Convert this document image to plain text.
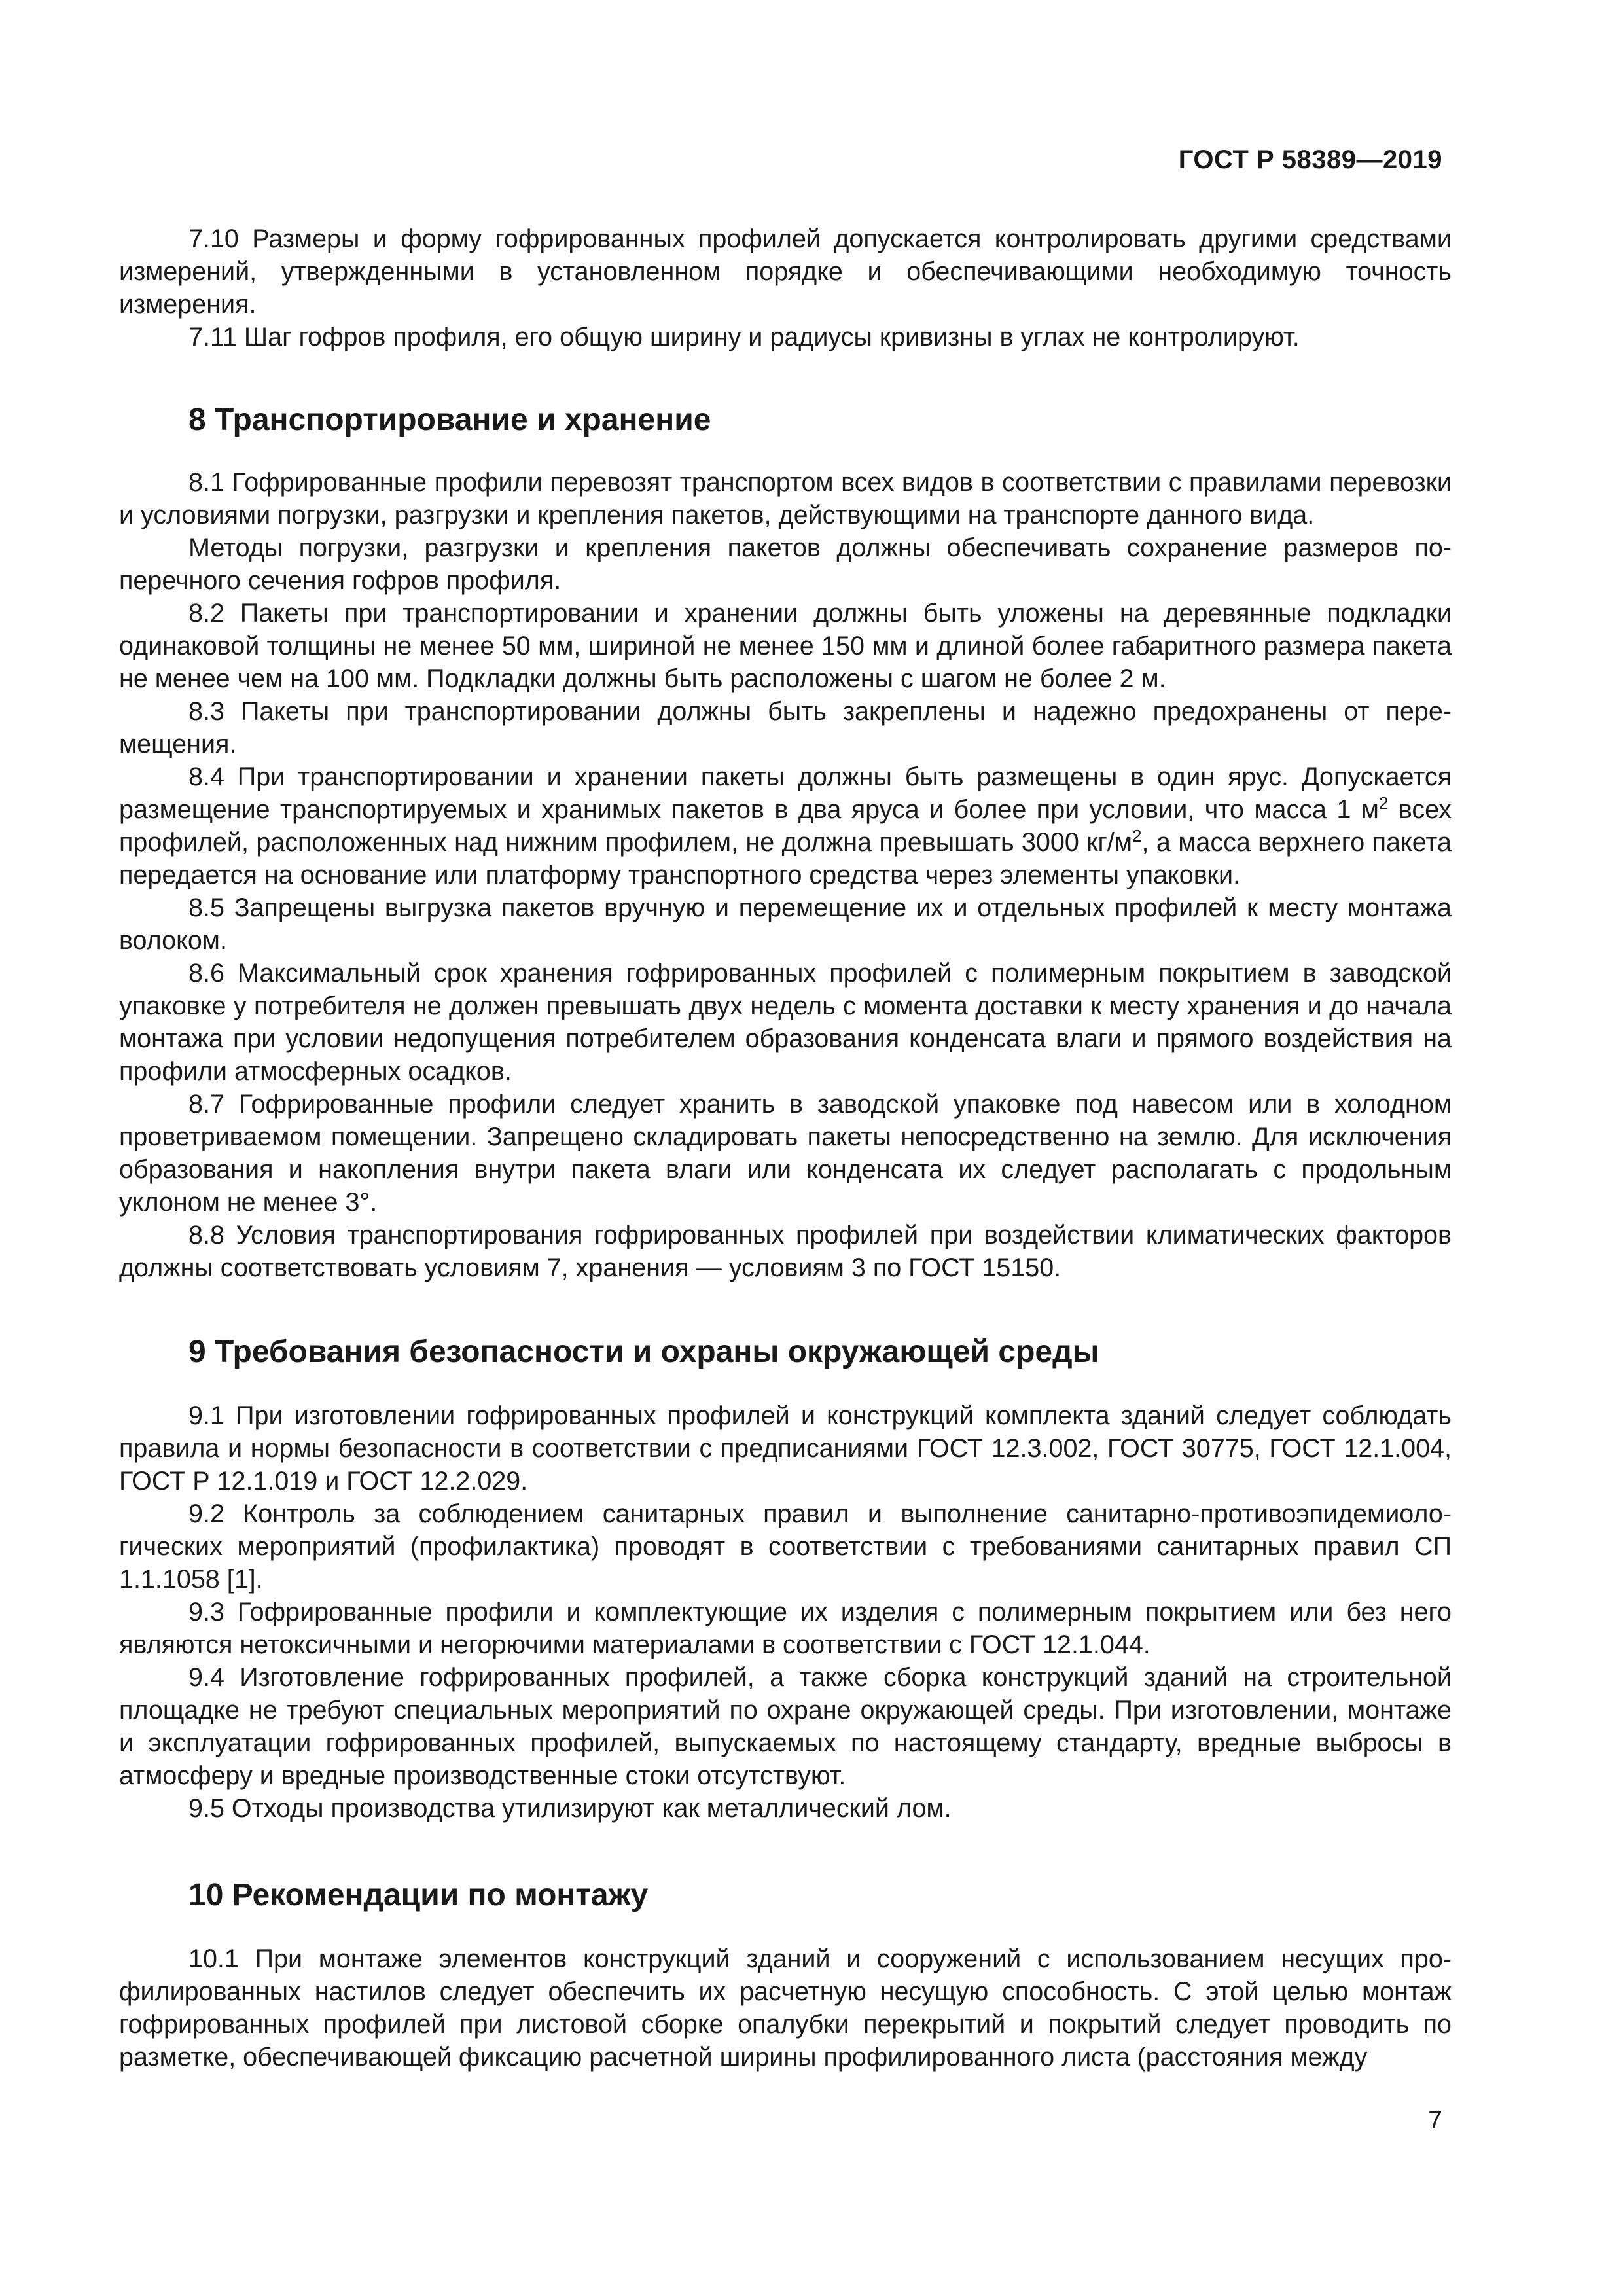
ГОСТ Р 58389—2019

7.10 Размеры и форму гофрированных профилей допускается контролировать другими средствами измерений, утвержденными в установленном порядке и обеспечивающими необходимую точность измерения.

7.11 Шаг гофров профиля, его общую ширину и радиусы кривизны в углах не контролируют.

8 Транспортирование и хранение

8.1 Гофрированные профили перевозят транспортом всех видов в соответствии с правилами перевозки и условиями погрузки, разгрузки и крепления пакетов, действующими на транспорте данного вида.

Методы погрузки, разгрузки и крепления пакетов должны обеспечивать сохранение размеров поперечного сечения гофров профиля.

8.2 Пакеты при транспортировании и хранении должны быть уложены на деревянные подкладки одинаковой толщины не менее 50 мм, шириной не менее 150 мм и длиной более габаритного размера пакета не менее чем на 100 мм. Подкладки должны быть расположены с шагом не более 2 м.

8.3 Пакеты при транспортировании должны быть закреплены и надежно предохранены от перемещения.

8.4 При транспортировании и хранении пакеты должны быть размещены в один ярус. Допускается размещение транспортируемых и хранимых пакетов в два яруса и более при условии, что масса 1 $м^2$ всех профилей, расположенных над нижним профилем, не должна превышать 3000 $кг/м^2$, а масса верхнего пакета передается на основание или платформу транспортного средства через элементы упаковки.

8.5 Запрещены выгрузка пакетов вручную и перемещение их и отдельных профилей к месту монтажа волоком.

8.6 Максимальный срок хранения гофрированных профилей с полимерным покрытием в заводской упаковке у потребителя не должен превышать двух недель с момента доставки к месту хранения и до начала монтажа при условии недопущения потребителем образования конденсата влаги и прямого воздействия на профили атмосферных осадков.

8.7 Гофрированные профили следует хранить в заводской упаковке под навесом или в холодном проветриваемом помещении. Запрещено складировать пакеты непосредственно на землю. Для исключения образования и накопления внутри пакета влаги или конденсата их следует располагать с продольным уклоном не менее 3°.

8.8 Условия транспортирования гофрированных профилей при воздействии климатических факторов должны соответствовать условиям 7, хранения — условиям 3 по ГОСТ 15150.

9 Требования безопасности и охраны окружающей среды

9.1 При изготовлении гофрированных профилей и конструкций комплекта зданий следует соблюдать правила и нормы безопасности в соответствии с предписаниями ГОСТ 12.3.002, ГОСТ 30775, ГОСТ 12.1.004, ГОСТ Р 12.1.019 и ГОСТ 12.2.029.

9.2 Контроль за соблюдением санитарных правил и выполнение санитарно-противоэпидемиологических мероприятий (профилактика) проводят в соответствии с требованиями санитарных правил СП 1.1.1058 [1].

9.3 Гофрированные профили и комплектующие их изделия с полимерным покрытием или без него являются нетоксичными и негорючими материалами в соответствии с ГОСТ 12.1.044.

9.4 Изготовление гофрированных профилей, а также сборка конструкций зданий на строительной площадке не требуют специальных мероприятий по охране окружающей среды. При изготовлении, монтаже и эксплуатации гофрированных профилей, выпускаемых по настоящему стандарту, вредные выбросы в атмосферу и вредные производственные стоки отсутствуют.

9.5 Отходы производства утилизируют как металлический лом.

10 Рекомендации по монтажу

10.1 При монтаже элементов конструкций зданий и сооружений с использованием несущих профилированных настилов следует обеспечить их расчетную несущую способность. С этой целью монтаж гофрированных профилей при листовой сборке опалубки перекрытий и покрытий следует проводить по разметке, обеспечивающей фиксацию расчетной ширины профилированного листа (расстояния между

7
